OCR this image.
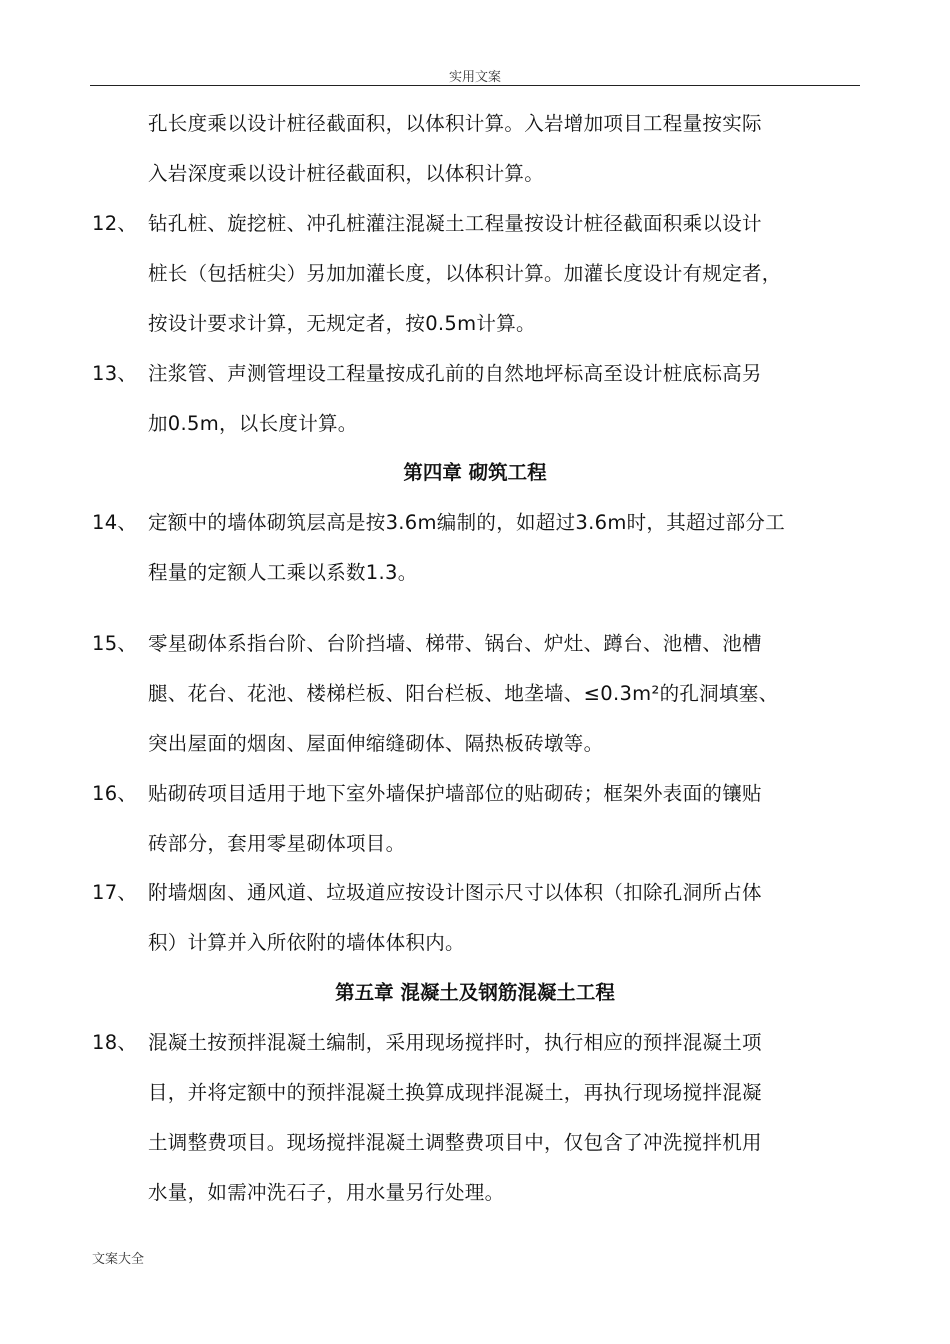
实用文案
孔长度乘以设计桩径截面积，以体积计算。入岩增加项目工程量按实际
入岩深度乘以设计桩径截面积，以体积计算。
12、 钻孔桩、旋挖桩、冲孔桩灌注混凝土工程量按设计桩径截面积乘以设计
桩长（包括桩尖）另加加灌长度，以体积计算。加灌长度设计有规定者，
按设计要求计算，无规定者，按0.5m计算。
13、 注浆管、声测管埋设工程量按成孔前的自然地坪标高至设计桩底标高另
加0.5m，以长度计算。
第四章 砌筑工程
14、 定额中的墙体砌筑层高是按3.6m编制的，如超过3.6m时，其超过部分工
程量的定额人工乘以系数1.3。
15、 零星砌体系指台阶、台阶挡墙、梯带、锅台、炉灶、蹲台、池槽、池槽
腿、花台、花池、楼梯栏板、阳台栏板、地垄墙、≤0.3m²的孔洞填塞、
突出屋面的烟囱、屋面伸缩缝砌体、隔热板砖墩等。
16、 贴砌砖项目适用于地下室外墙保护墙部位的贴砌砖；框架外表面的镶贴
砖部分，套用零星砌体项目。
17、 附墙烟囱、通风道、垃圾道应按设计图示尺寸以体积（扣除孔洞所占体
积）计算并入所依附的墙体体积内。
第五章 混凝土及钢筋混凝土工程
18、 混凝土按预拌混凝土编制，采用现场搅拌时，执行相应的预拌混凝土项
目，并将定额中的预拌混凝土换算成现拌混凝土，再执行现场搅拌混凝
土调整费项目。现场搅拌混凝土调整费项目中，仅包含了冲洗搅拌机用
水量，如需冲洗石子，用水量另行处理。
文案大全
